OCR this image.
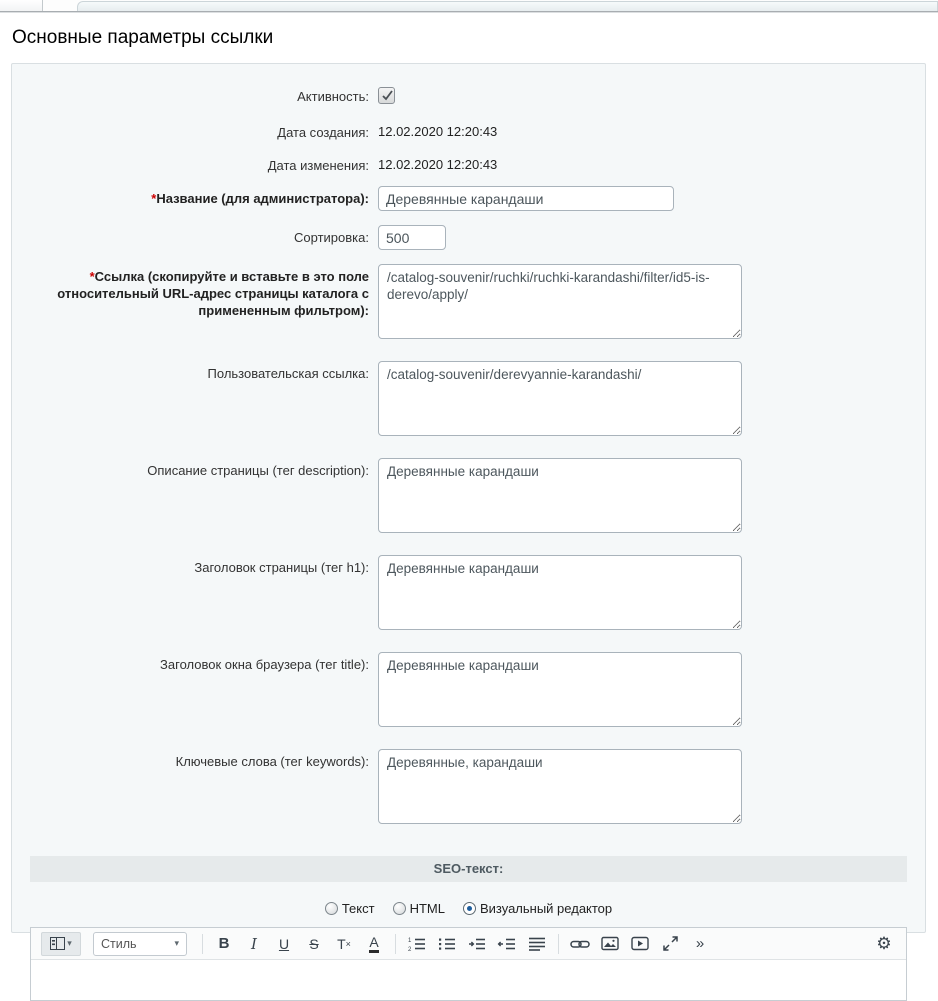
Основные параметры ссылки
Активность:
Дата создания: 12.02.2020 12:20:43
Дата изменения: 12.02.2020 12:20:43
*Название (для администратора):
Деревянные карандаши
Сортировка:
500
*Ссылка (скопируйте и вставьте в это поле относительный URL-адрес страницы каталога с примененным фильтром):
/catalog-souvenir/ruchki/ruchki-karandashi/filter/id5-is-derevo/apply/
Пользовательская ссылка:
/catalog-souvenir/derevyannie-karandashi/
Описание страницы (тег description):
Деревянные карандаши
Заголовок страницы (тег h1):
Деревянные карандаши
Заголовок окна браузера (тег title):
Деревянные карандаши
Ключевые слова (тег keywords):
Деревянные, карандаши
SEO-текст:
Текст	HTML	Визуальный редактор
▾ Стиль	▾	B	I	U	S	T × A	1
2	»	⚙
